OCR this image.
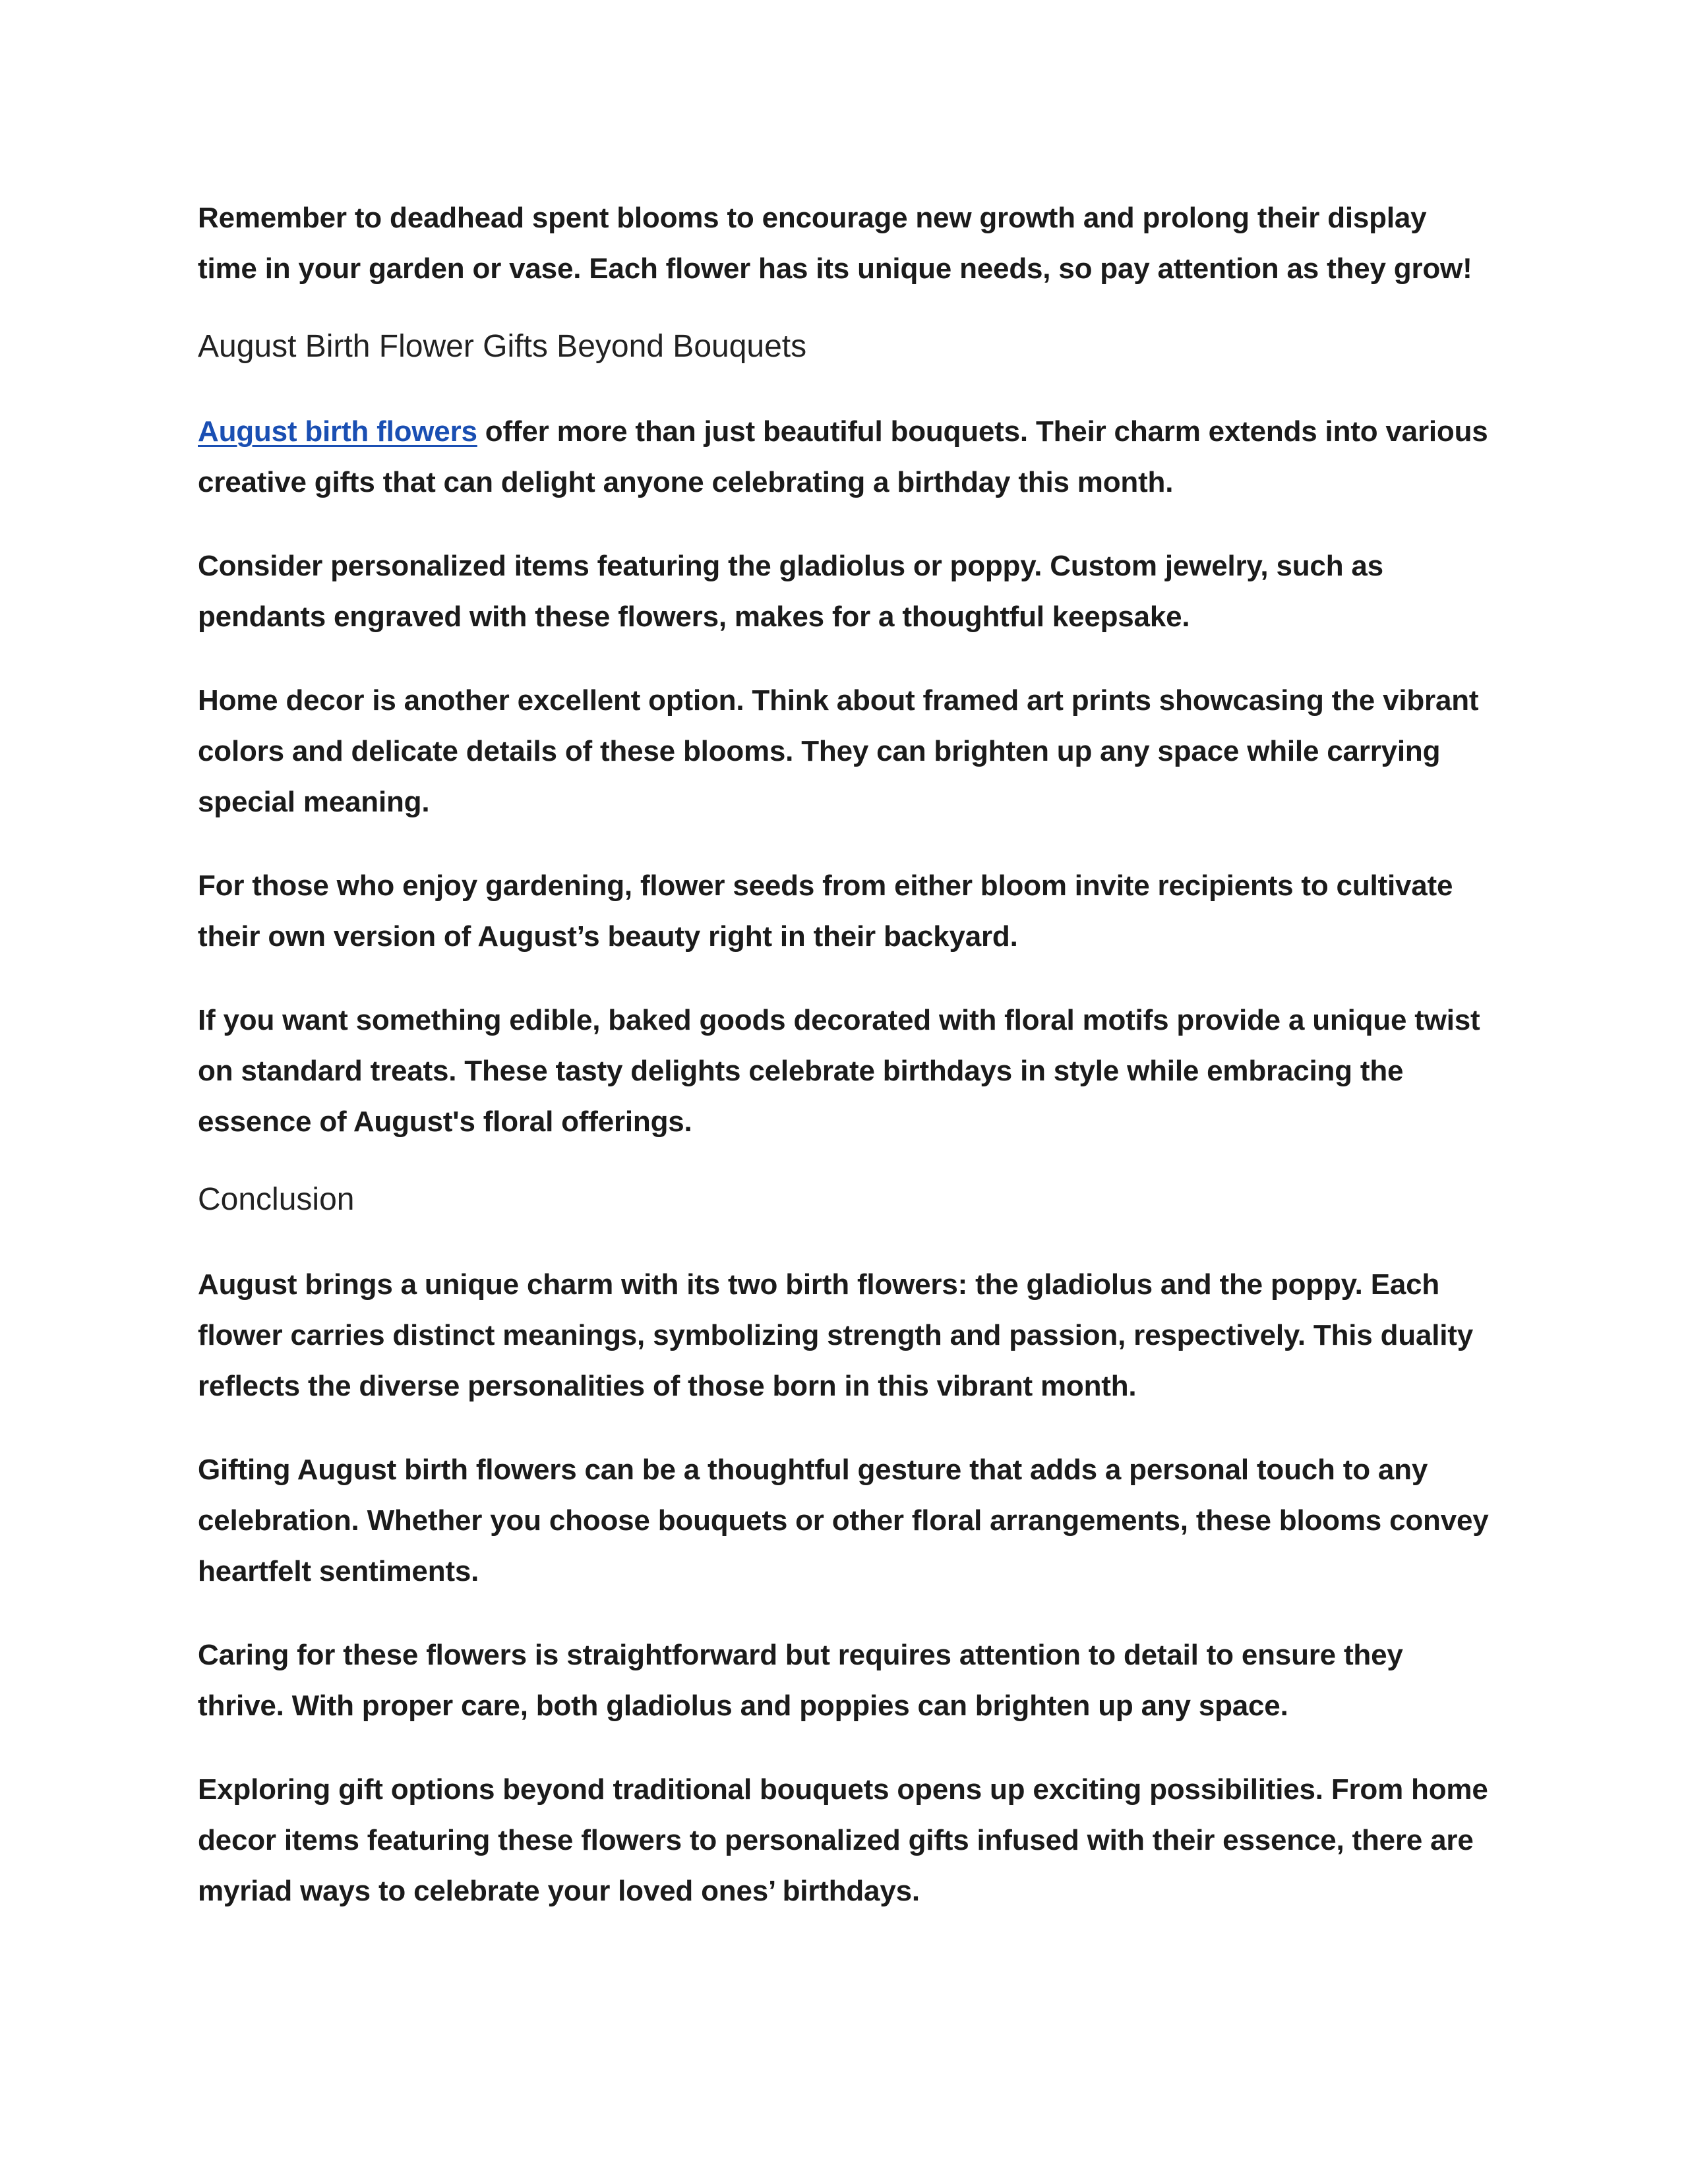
Remember to deadhead spent blooms to encourage new growth and prolong their display time in your garden or vase. Each flower has its unique needs, so pay attention as they grow!

August Birth Flower Gifts Beyond Bouquets

August birth flowers offer more than just beautiful bouquets. Their charm extends into various creative gifts that can delight anyone celebrating a birthday this month.

Consider personalized items featuring the gladiolus or poppy. Custom jewelry, such as pendants engraved with these flowers, makes for a thoughtful keepsake.

Home decor is another excellent option. Think about framed art prints showcasing the vibrant colors and delicate details of these blooms. They can brighten up any space while carrying special meaning.

For those who enjoy gardening, flower seeds from either bloom invite recipients to cultivate their own version of August’s beauty right in their backyard.

If you want something edible, baked goods decorated with floral motifs provide a unique twist on standard treats. These tasty delights celebrate birthdays in style while embracing the essence of August's floral offerings.

Conclusion

August brings a unique charm with its two birth flowers: the gladiolus and the poppy. Each flower carries distinct meanings, symbolizing strength and passion, respectively. This duality reflects the diverse personalities of those born in this vibrant month.

Gifting August birth flowers can be a thoughtful gesture that adds a personal touch to any celebration. Whether you choose bouquets or other floral arrangements, these blooms convey heartfelt sentiments.

Caring for these flowers is straightforward but requires attention to detail to ensure they thrive. With proper care, both gladiolus and poppies can brighten up any space.

Exploring gift options beyond traditional bouquets opens up exciting possibilities. From home decor items featuring these flowers to personalized gifts infused with their essence, there are myriad ways to celebrate your loved ones’ birthdays.
